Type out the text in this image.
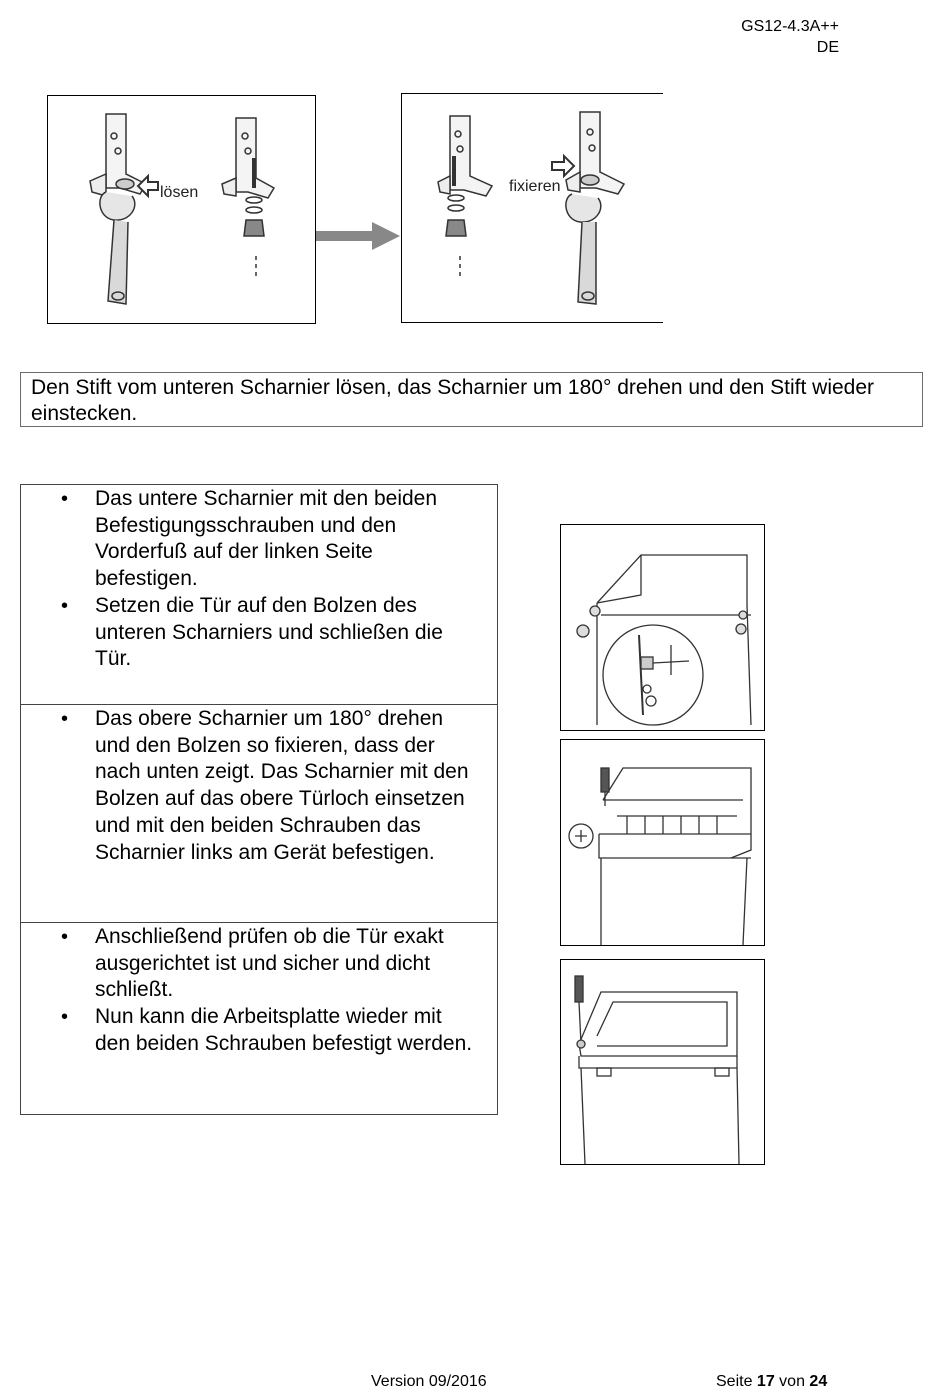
GS12-4.3A++
DE
lösen	fixieren
Den Stift vom unteren Scharnier lösen, das Scharnier um 180° drehen und den Stift wieder einstecken.
• Das untere Scharnier mit den beiden Befestigungsschrauben und den Vorderfuß auf der linken Seite befestigen.
• Setzen die Tür auf den Bolzen des unteren Scharniers und schließen die Tür.
• Das obere Scharnier um 180° drehen und den Bolzen so fixieren, dass der nach unten zeigt. Das Scharnier mit den Bolzen auf das obere Türloch einsetzen und mit den beiden Schrauben das Scharnier links am Gerät befestigen.
• Anschließend prüfen ob die Tür exakt ausgerichtet ist und sicher und dicht schließt.
• Nun kann die Arbeitsplatte wieder mit den beiden Schrauben befestigt werden.
Version 09/2016	Seite 17 von 24
